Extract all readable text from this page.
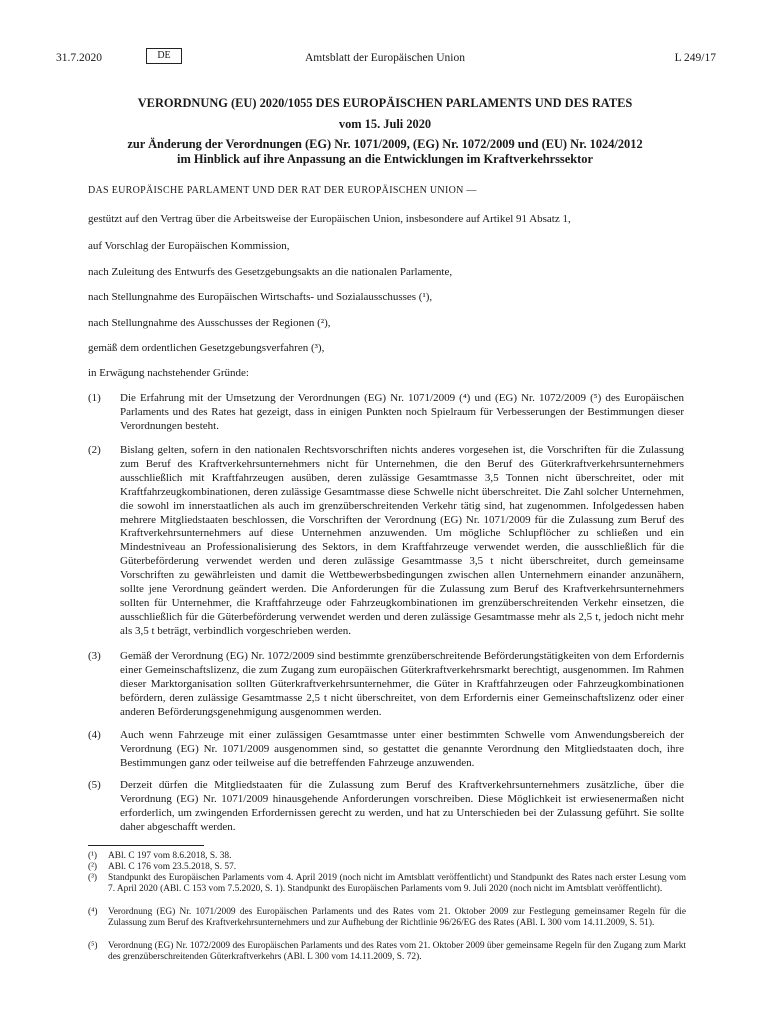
31.7.2020	DE	Amtsblatt der Europäischen Union	L 249/17
VERORDNUNG (EU) 2020/1055 DES EUROPÄISCHEN PARLAMENTS UND DES RATES
vom 15. Juli 2020
zur Änderung der Verordnungen (EG) Nr. 1071/2009, (EG) Nr. 1072/2009 und (EU) Nr. 1024/2012
im Hinblick auf ihre Anpassung an die Entwicklungen im Kraftverkehrssektor
DAS EUROPÄISCHE PARLAMENT UND DER RAT DER EUROPÄISCHEN UNION —
gestützt auf den Vertrag über die Arbeitsweise der Europäischen Union, insbesondere auf Artikel 91 Absatz 1,
auf Vorschlag der Europäischen Kommission,
nach Zuleitung des Entwurfs des Gesetzgebungsakts an die nationalen Parlamente,
nach Stellungnahme des Europäischen Wirtschafts- und Sozialausschusses (¹),
nach Stellungnahme des Ausschusses der Regionen (²),
gemäß dem ordentlichen Gesetzgebungsverfahren (³),
in Erwägung nachstehender Gründe:
(1) Die Erfahrung mit der Umsetzung der Verordnungen (EG) Nr. 1071/2009 (⁴) und (EG) Nr. 1072/2009 (⁵) des Europäischen Parlaments und des Rates hat gezeigt, dass in einigen Punkten noch Spielraum für Verbesserungen der Bestimmungen dieser Verordnungen besteht.
(2) Bislang gelten, sofern in den nationalen Rechtsvorschriften nichts anderes vorgesehen ist, die Vorschriften für die Zulassung zum Beruf des Kraftverkehrsunternehmers nicht für Unternehmen, die den Beruf des Güterkraftverkehrsunternehmers ausschließlich mit Kraftfahrzeugen ausüben, deren zulässige Gesamtmasse 3,5 Tonnen nicht überschreitet, oder mit Kraftfahrzeugkombinationen, deren zulässige Gesamtmasse diese Schwelle nicht überschreitet. Die Zahl solcher Unternehmen, die sowohl im innerstaatlichen als auch im grenzüberschreitenden Verkehr tätig sind, hat zugenommen. Infolgedessen haben mehrere Mitgliedstaaten beschlossen, die Vorschriften der Verordnung (EG) Nr. 1071/2009 für die Zulassung zum Beruf des Kraftverkehrsunternehmers auf diese Unternehmen anzuwenden. Um mögliche Schlupflöcher zu schließen und ein Mindestniveau an Professionalisierung des Sektors, in dem Kraftfahrzeuge verwendet werden, die ausschließlich für die Güterbeförderung verwendet werden und deren zulässige Gesamtmasse 3,5 t nicht überschreitet, durch gemeinsame Vorschriften zu gewährleisten und damit die Wettbewerbsbedingungen zwischen allen Unternehmern einander anzunähern, sollte jene Verordnung geändert werden. Die Anforderungen für die Zulassung zum Beruf des Kraftverkehrsunternehmers sollten für Unternehmer, die Kraftfahrzeuge oder Fahrzeugkombinationen im grenzüberschreitenden Verkehr einsetzen, die ausschließlich für die Güterbeförderung verwendet werden und deren zulässige Gesamtmasse mehr als 2,5 t, jedoch nicht mehr als 3,5 t beträgt, verbindlich vorgeschrieben werden.
(3) Gemäß der Verordnung (EG) Nr. 1072/2009 sind bestimmte grenzüberschreitende Beförderungstätigkeiten von dem Erfordernis einer Gemeinschaftslizenz, die zum Zugang zum europäischen Güterkraftverkehrsmarkt berechtigt, ausgenommen. Im Rahmen dieser Marktorganisation sollten Güterkraftverkehrsunternehmer, die Güter in Kraftfahrzeugen oder Fahrzeugkombinationen befördern, deren zulässige Gesamtmasse 2,5 t nicht überschreitet, von dem Erfordernis einer Gemeinschaftslizenz oder einer anderen Beförderungsgenehmigung ausgenommen werden.
(4) Auch wenn Fahrzeuge mit einer zulässigen Gesamtmasse unter einer bestimmten Schwelle vom Anwendungsbereich der Verordnung (EG) Nr. 1071/2009 ausgenommen sind, so gestattet die genannte Verordnung den Mitgliedstaaten doch, ihre Bestimmungen ganz oder teilweise auf die betreffenden Fahrzeuge anzuwenden.
(5) Derzeit dürfen die Mitgliedstaaten für die Zulassung zum Beruf des Kraftverkehrsunternehmers zusätzliche, über die Verordnung (EG) Nr. 1071/2009 hinausgehende Anforderungen vorschreiben. Diese Möglichkeit ist erwiesenermaßen nicht erforderlich, um zwingenden Erfordernissen gerecht zu werden, und hat zu Unterschieden bei der Zulassung geführt. Sie sollte daher abgeschafft werden.
(¹) ABl. C 197 vom 8.6.2018, S. 38.
(²) ABl. C 176 vom 23.5.2018, S. 57.
(³) Standpunkt des Europäischen Parlaments vom 4. April 2019 (noch nicht im Amtsblatt veröffentlicht) und Standpunkt des Rates nach erster Lesung vom 7. April 2020 (ABl. C 153 vom 7.5.2020, S. 1). Standpunkt des Europäischen Parlaments vom 9. Juli 2020 (noch nicht im Amtsblatt veröffentlicht).
(⁴) Verordnung (EG) Nr. 1071/2009 des Europäischen Parlaments und des Rates vom 21. Oktober 2009 zur Festlegung gemeinsamer Regeln für die Zulassung zum Beruf des Kraftverkehrsunternehmers und zur Aufhebung der Richtlinie 96/26/EG des Rates (ABl. L 300 vom 14.11.2009, S. 51).
(⁵) Verordnung (EG) Nr. 1072/2009 des Europäischen Parlaments und des Rates vom 21. Oktober 2009 über gemeinsame Regeln für den Zugang zum Markt des grenzüberschreitenden Güterkraftverkehrs (ABl. L 300 vom 14.11.2009, S. 72).
